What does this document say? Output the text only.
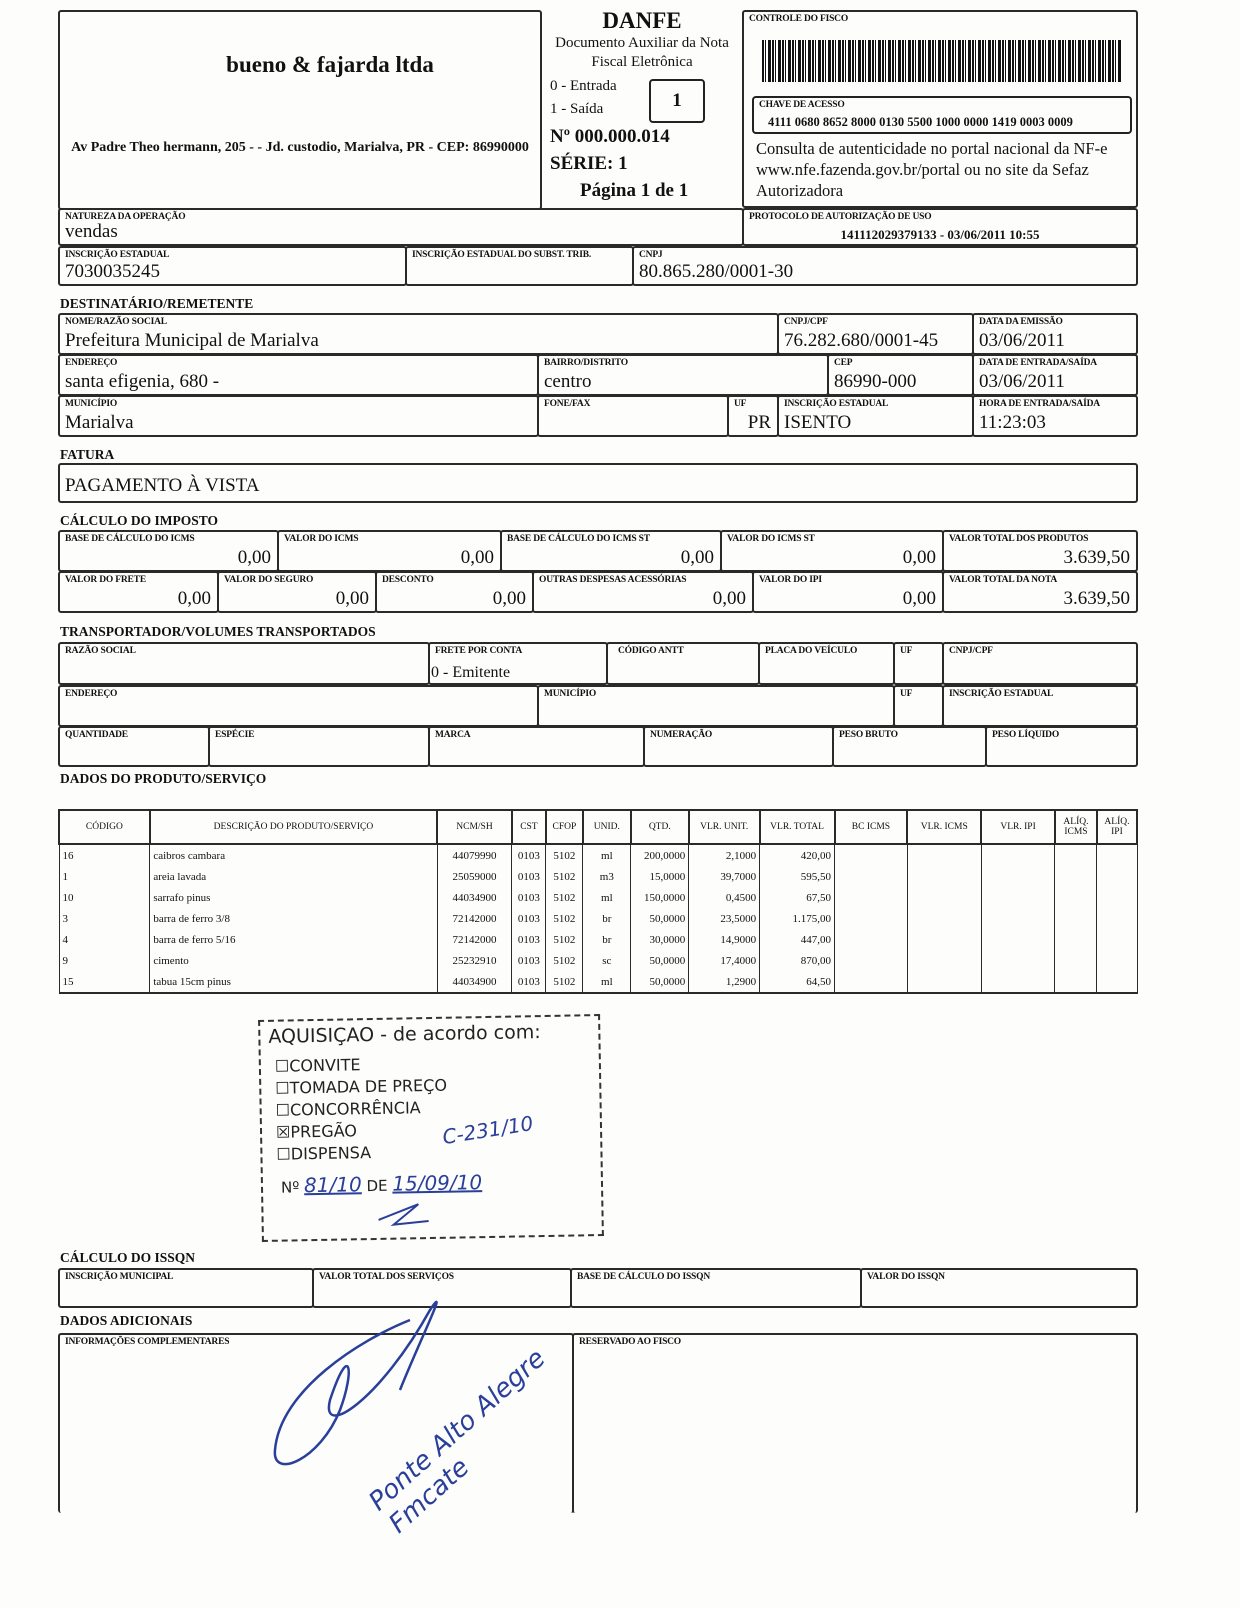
bueno & fajarda ltda
Av Padre Theo hermann, 205 - - Jd. custodio, Marialva, PR - CEP: 86990000
DANFE
Documento Auxiliar da Nota Fiscal Eletrônica
0 - Entrada
1 - Saída	1
Nº 000.000.014
SÉRIE: 1
Página 1 de 1
CONTROLE DO FISCO
CHAVE DE ACESSO
4111 0680 8652 8000 0130 5500 1000 0000 1419 0003 0009
Consulta de autenticidade no portal nacional da NF-e www.nfe.fazenda.gov.br/portal ou no site da Sefaz Autorizadora
NATUREZA DA OPERAÇÃO
vendas
PROTOCOLO DE AUTORIZAÇÃO DE USO
141112029379133 - 03/06/2011 10:55
INSCRIÇÃO ESTADUAL
7030035245
INSCRIÇÃO ESTADUAL DO SUBST. TRIB.	CNPJ
80.865.280/0001-30
DESTINATÁRIO/REMETENTE
NOME/RAZÃO SOCIAL
Prefeitura Municipal de Marialva
CNPJ/CPF
76.282.680/0001-45
DATA DA EMISSÃO
03/06/2011
ENDEREÇO
santa efigenia, 680 -
BAIRRO/DISTRITO
centro
CEP
86990-000
DATA DE ENTRADA/SAÍDA
03/06/2011
MUNICÍPIO
Marialva
FONE/FAX	UF
PR
INSCRIÇÃO ESTADUAL
ISENTO
HORA DE ENTRADA/SAÍDA
11:23:03
FATURA
PAGAMENTO À VISTA
CÁLCULO DO IMPOSTO
BASE DE CÁLCULO DO ICMS
0,00
VALOR DO ICMS
0,00
BASE DE CÁLCULO DO ICMS ST
0,00
VALOR DO ICMS ST
0,00
VALOR TOTAL DOS PRODUTOS
3.639,50
VALOR DO FRETE
0,00
VALOR DO SEGURO
0,00
DESCONTO
0,00
OUTRAS DESPESAS ACESSÓRIAS
0,00
VALOR DO IPI
0,00
VALOR TOTAL DA NOTA
3.639,50
TRANSPORTADOR/VOLUMES TRANSPORTADOS
RAZÃO SOCIAL	FRETE POR CONTA
0 - Emitente
CÓDIGO ANTT	PLACA DO VEÍCULO	UF	CNPJ/CPF
ENDEREÇO	MUNICÍPIO	UF	INSCRIÇÃO ESTADUAL
QUANTIDADE	ESPÉCIE	MARCA	NUMERAÇÃO	PESO BRUTO	PESO LÍQUIDO
DADOS DO PRODUTO/SERVIÇO
CÓDIGO	DESCRIÇÃO DO PRODUTO/SERVIÇO	NCM/SH	CST	CFOP	UNID.	QTD.	VLR. UNIT.	VLR. TOTAL	BC ICMS	VLR. ICMS	VLR. IPI	ALÍQ. ICMS	ALÍQ. IPI
16	caibros cambara	44079990	0103	5102	ml	200,0000	2,1000	420,00					
1	areia lavada	25059000	0103	5102	m3	15,0000	39,7000	595,50					
10	sarrafo pinus	44034900	0103	5102	ml	150,0000	0,4500	67,50					
3	barra de ferro 3/8	72142000	0103	5102	br	50,0000	23,5000	1.175,00					
4	barra de ferro 5/16	72142000	0103	5102	br	30,0000	14,9000	447,00					
9	cimento	25232910	0103	5102	sc	50,0000	17,4000	870,00					
15	tabua 15cm pinus	44034900	0103	5102	ml	50,0000	1,2900	64,50					
AQUISIÇAO - de acordo com:
☐CONVITE
☐TOMADA DE PREÇO
☐CONCORRÊNCIA
☒PREGÃO
☐DISPENSA
Nº 81/10 DE 15/09/10
C-231/10
CÁLCULO DO ISSQN
INSCRIÇÃO MUNICIPAL	VALOR TOTAL DOS SERVIÇOS	BASE DE CÁLCULO DO ISSQN	VALOR DO ISSQN
DADOS ADICIONAIS
INFORMAÇÕES COMPLEMENTARES	RESERVADO AO FISCO
Ponte Alto Alegre Fmcate
